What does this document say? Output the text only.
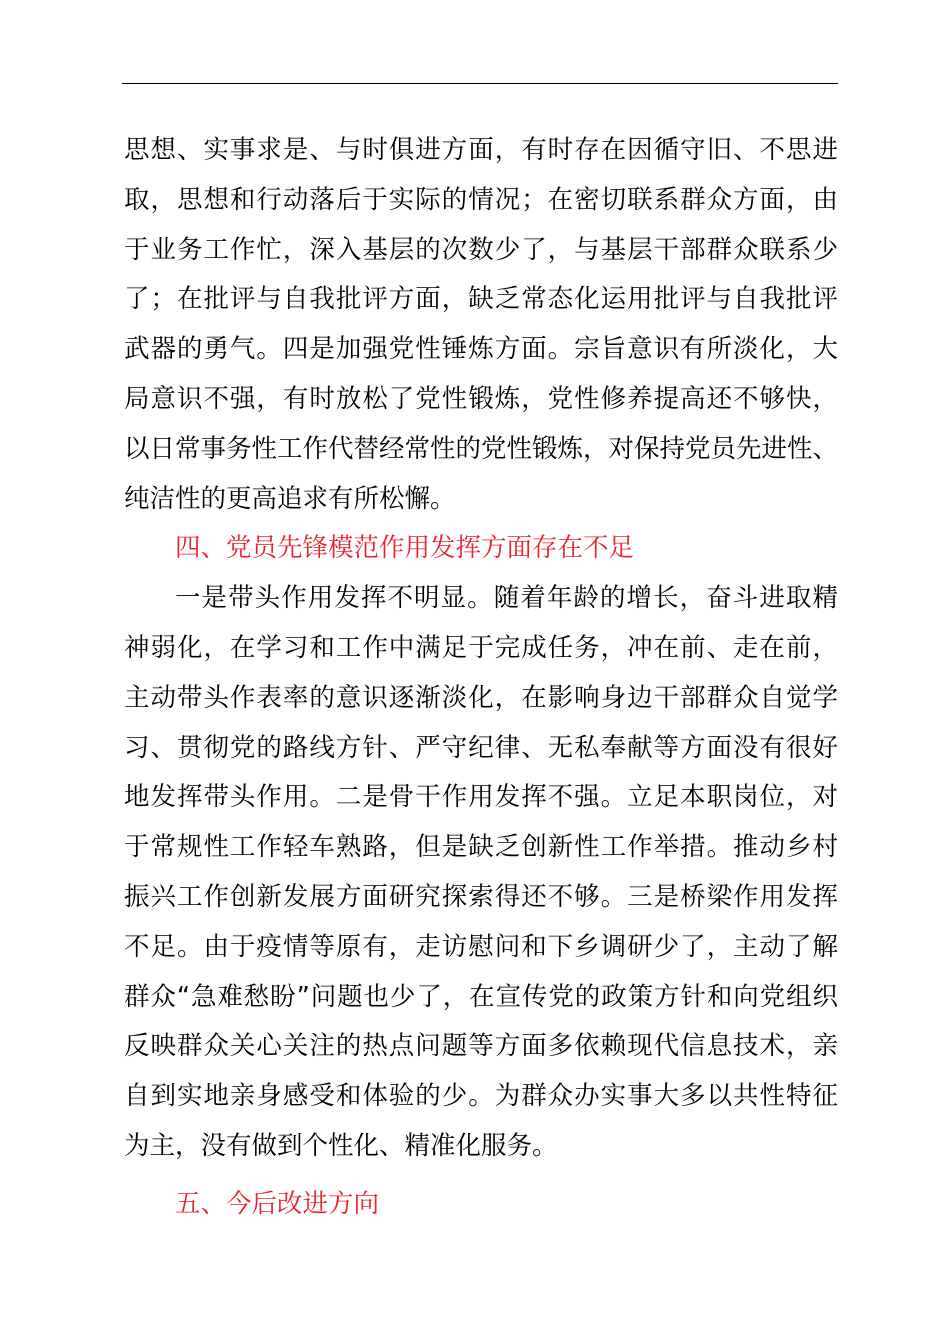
思想、实事求是、与时俱进方面，有时存在因循守旧、不思进
取，思想和行动落后于实际的情况；在密切联系群众方面，由
于业务工作忙，深入基层的次数少了，与基层干部群众联系少
了；在批评与自我批评方面，缺乏常态化运用批评与自我批评
武器的勇气。四是加强党性锤炼方面。宗旨意识有所淡化，大
局意识不强，有时放松了党性锻炼，党性修养提高还不够快，
以日常事务性工作代替经常性的党性锻炼，对保持党员先进性、
纯洁性的更高追求有所松懈。
四、党员先锋模范作用发挥方面存在不足
一是带头作用发挥不明显。随着年龄的增长，奋斗进取精
神弱化，在学习和工作中满足于完成任务，冲在前、走在前，
主动带头作表率的意识逐渐淡化，在影响身边干部群众自觉学
习、贯彻党的路线方针、严守纪律、无私奉献等方面没有很好
地发挥带头作用。二是骨干作用发挥不强。立足本职岗位，对
于常规性工作轻车熟路，但是缺乏创新性工作举措。推动乡村
振兴工作创新发展方面研究探索得还不够。三是桥梁作用发挥
不足。由于疫情等原有，走访慰问和下乡调研少了，主动了解
群众“急难愁盼”问题也少了，在宣传党的政策方针和向党组织
反映群众关心关注的热点问题等方面多依赖现代信息技术，亲
自到实地亲身感受和体验的少。为群众办实事大多以共性特征
为主，没有做到个性化、精准化服务。
五、今后改进方向
